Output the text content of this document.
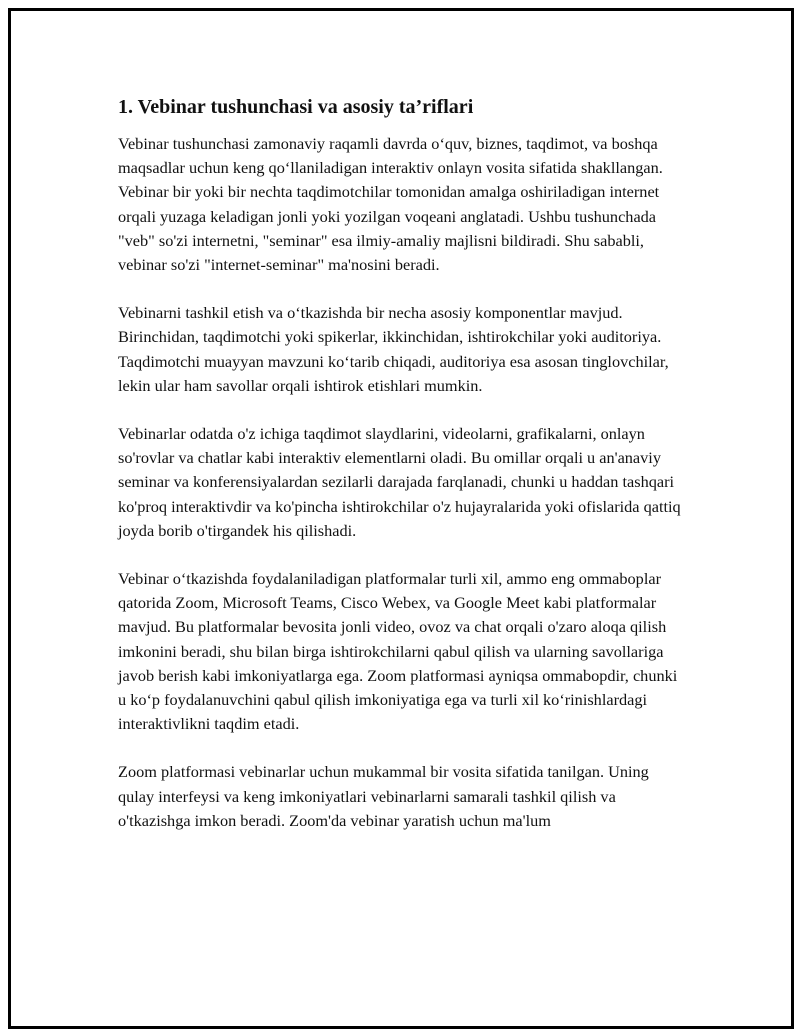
1. Vebinar tushunchasi va asosiy ta’riflari

Vebinar tushunchasi zamonaviy raqamli davrda o‘quv, biznes, taqdimot, va boshqa maqsadlar uchun keng qo‘llaniladigan interaktiv onlayn vosita sifatida shakllangan. Vebinar bir yoki bir nechta taqdimotchilar tomonidan amalga oshiriladigan internet orqali yuzaga keladigan jonli yoki yozilgan voqeani anglatadi. Ushbu tushunchada "veb" so'zi internetni, "seminar" esa ilmiy-amaliy majlisni bildiradi. Shu sababli, vebinar so'zi "internet-seminar" ma'nosini beradi.

Vebinarni tashkil etish va o‘tkazishda bir necha asosiy komponentlar mavjud. Birinchidan, taqdimotchi yoki spikerlar, ikkinchidan, ishtirokchilar yoki auditoriya. Taqdimotchi muayyan mavzuni ko‘tarib chiqadi, auditoriya esa asosan tinglovchilar, lekin ular ham savollar orqali ishtirok etishlari mumkin.

Vebinarlar odatda o'z ichiga taqdimot slaydlarini, videolarni, grafikalarni, onlayn so'rovlar va chatlar kabi interaktiv elementlarni oladi. Bu omillar orqali u an'anaviy seminar va konferensiyalardan sezilarli darajada farqlanadi, chunki u haddan tashqari ko'proq interaktivdir va ko'pincha ishtirokchilar o'z hujayralarida yoki ofislarida qattiq joyda borib o'tirgandek his qilishadi.

Vebinar o‘tkazishda foydalaniladigan platformalar turli xil, ammo eng ommaboplar qatorida Zoom, Microsoft Teams, Cisco Webex, va Google Meet kabi platformalar mavjud. Bu platformalar bevosita jonli video, ovoz va chat orqali o'zaro aloqa qilish imkonini beradi, shu bilan birga ishtirokchilarni qabul qilish va ularning savollariga javob berish kabi imkoniyatlarga ega. Zoom platformasi ayniqsa ommabopdir, chunki u ko‘p foydalanuvchini qabul qilish imkoniyatiga ega va turli xil ko‘rinishlardagi interaktivlikni taqdim etadi.

Zoom platformasi vebinarlar uchun mukammal bir vosita sifatida tanilgan. Uning qulay interfeysi va keng imkoniyatlari vebinarlarni samarali tashkil qilish va o'tkazishga imkon beradi. Zoom'da vebinar yaratish uchun ma'lum
